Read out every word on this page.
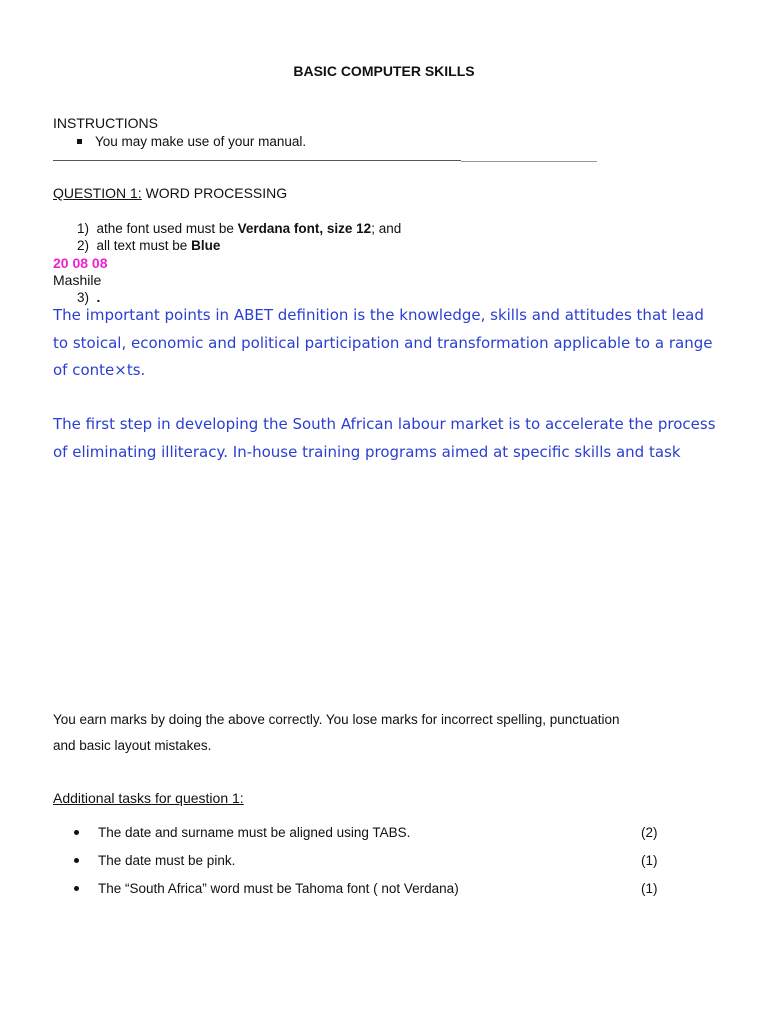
BASIC COMPUTER SKILLS
INSTRUCTIONS
You may make use of your manual.
QUESTION 1: WORD PROCESSING
1) athe font used must be Verdana font, size 12; and
2) all text must be Blue
20 08 08
Mashile
3) .
The important points in ABET definition is the knowledge, skills and attitudes that lead to stoical, economic and political participation and transformation applicable to a range of conte×ts.
The first step in developing the South African labour market is to accelerate the process of eliminating illiteracy. In-house training programs aimed at specific skills and task
You earn marks by doing the above correctly. You lose marks for incorrect spelling, punctuation
and basic layout mistakes.
Additional tasks for question 1:
The date and surname must be aligned using TABS.	(2)
The date must be pink.	(1)
The “South Africa” word must be Tahoma font ( not Verdana)	(1)
